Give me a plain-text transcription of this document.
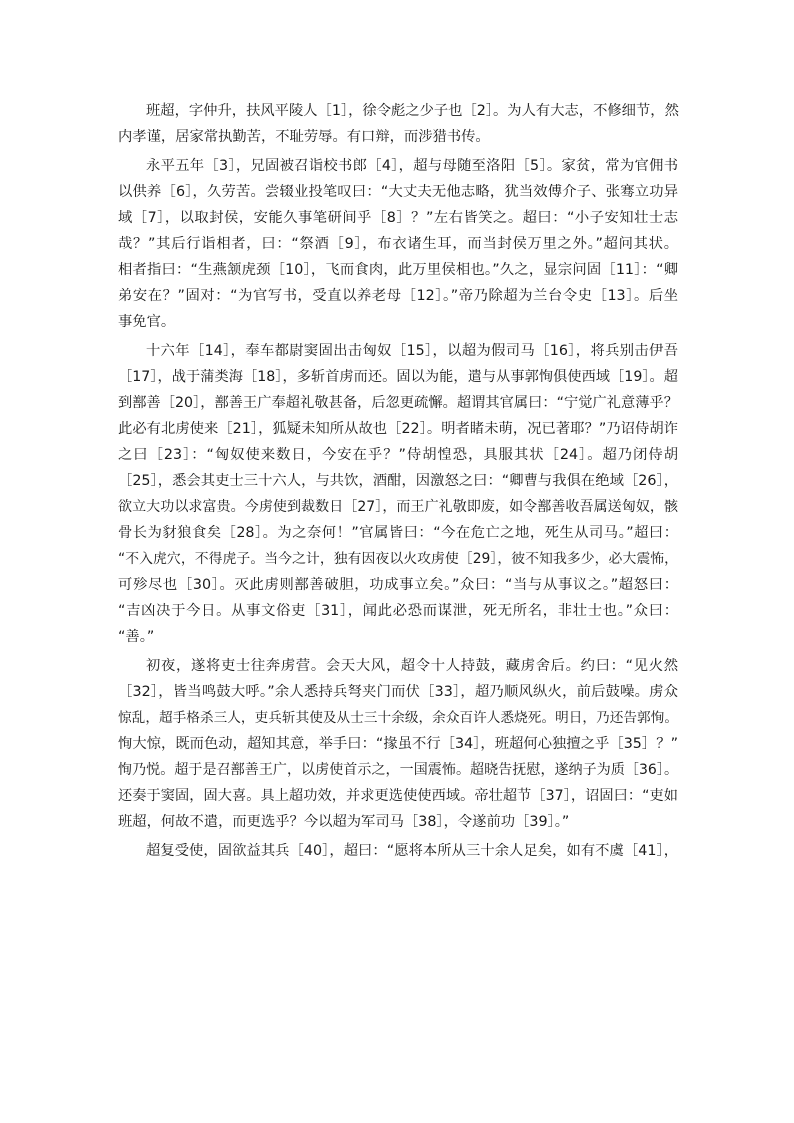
班超，字仲升，扶风平陵人［1］，徐令彪之少子也［2］。为人有大志，不修细节，然
内孝谨，居家常执勤苦，不耻劳辱。有口辩，而涉猎书传。
永平五年［3］，兄固被召诣校书郎［4］，超与母随至洛阳［5］。家贫，常为官佣书
以供养［6］，久劳苦。尝辍业投笔叹曰：“大丈夫无他志略，犹当效傅介子、张骞立功异
域［7］，以取封侯，安能久事笔研间乎［8］？”左右皆笑之。超曰：“小子安知壮士志
哉？”其后行诣相者，曰：“祭酒［9］，布衣诸生耳，而当封侯万里之外。”超问其状。
相者指曰：“生燕颔虎颈［10］，飞而食肉，此万里侯相也。”久之，显宗问固［11］：“卿
弟安在？”固对：“为官写书，受直以养老母［12］。”帝乃除超为兰台令史［13］。后坐
事免官。
十六年［14］，奉车都尉窦固出击匈奴［15］，以超为假司马［16］，将兵别击伊吾
［17］，战于蒲类海［18］，多斩首虏而还。固以为能，遣与从事郭恂俱使西域［19］。超
到鄯善［20］，鄯善王广奉超礼敬甚备，后忽更疏懈。超谓其官属曰：“宁觉广礼意薄乎？
此必有北虏使来［21］，狐疑未知所从故也［22］。明者睹未萌，况已著耶？”乃诏侍胡诈
之曰［23］：“匈奴使来数日，今安在乎？”侍胡惶恐，具服其状［24］。超乃闭侍胡
［25］，悉会其吏士三十六人，与共饮，酒酣，因激怒之曰：“卿曹与我俱在绝域［26］，
欲立大功以求富贵。今虏使到裁数日［27］，而王广礼敬即废，如令鄯善收吾属送匈奴，骸
骨长为豺狼食矣［28］。为之奈何！”官属皆曰：“今在危亡之地，死生从司马。”超曰：
“不入虎穴，不得虎子。当今之计，独有因夜以火攻虏使［29］，彼不知我多少，必大震怖，
可殄尽也［30］。灭此虏则鄯善破胆，功成事立矣。”众曰：“当与从事议之。”超怒曰：
“吉凶决于今日。从事文俗吏［31］，闻此必恐而谋泄，死无所名，非壮士也。”众曰：
“善。”
初夜，遂将吏士往奔虏营。会天大风，超令十人持鼓，藏虏舍后。约曰：“见火然
［32］，皆当鸣鼓大呼。”余人悉持兵弩夹门而伏［33］，超乃顺风纵火，前后鼓噪。虏众
惊乱，超手格杀三人，吏兵斩其使及从士三十余级，余众百许人悉烧死。明日，乃还告郭恂。
恂大惊，既而色动，超知其意，举手曰：“掾虽不行［34］，班超何心独擅之乎［35］？”
恂乃悦。超于是召鄯善王广，以虏使首示之，一国震怖。超晓告抚慰，遂纳子为质［36］。
还奏于窦固，固大喜。具上超功效，并求更选使使西域。帝壮超节［37］，诏固曰：“吏如
班超，何故不遣，而更选乎？今以超为军司马［38］，令遂前功［39］。”
超复受使，固欲益其兵［40］，超曰：“愿将本所从三十余人足矣，如有不虞［41］，
